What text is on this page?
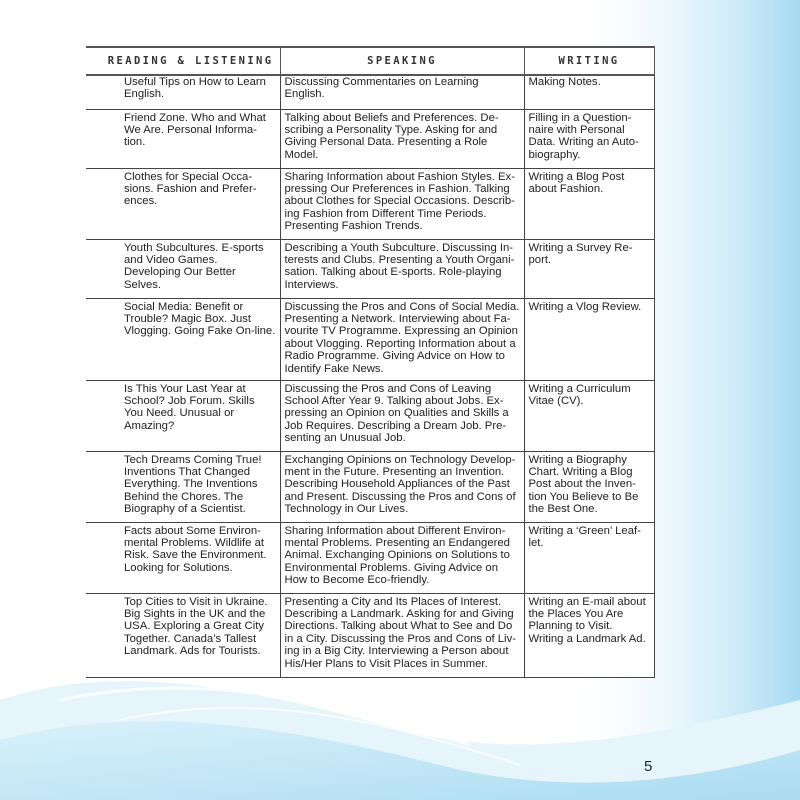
READING & LISTENING	SPEAKING	WRITING
Useful Tips on How to Learn English.	Discussing Commentaries on Learning English.	Making Notes.
Friend Zone. Who and What We Are. Personal Informa-tion.	Talking about Beliefs and Preferences. De-scribing a Personality Type. Asking for and Giving Personal Data. Presenting a Role Model.	Filling in a Question-naire with Personal Data. Writing an Auto-biography.
Clothes for Special Occa-sions. Fashion and Prefer-ences.	Sharing Information about Fashion Styles. Ex-pressing Our Preferences in Fashion. Talking about Clothes for Special Occasions. Describ-ing Fashion from Different Time Periods. Presenting Fashion Trends.	Writing a Blog Post about Fashion.
Youth Subcultures. E-sports and Video Games. Developing Our Better Selves.	Describing a Youth Subculture. Discussing In-terests and Clubs. Presenting a Youth Organi-sation. Talking about E-sports. Role-playing Interviews.	Writing a Survey Re-port.
Social Media: Benefit or Trouble? Magic Box. Just Vlogging. Going Fake On-line.	Discussing the Pros and Cons of Social Media. Presenting a Network. Interviewing about Fa-vourite TV Programme. Expressing an Opinion about Vlogging. Reporting Information about a Radio Programme. Giving Advice on How to Identify Fake News.	Writing a Vlog Review.
Is This Your Last Year at School? Job Forum. Skills You Need. Unusual or Amazing?	Discussing the Pros and Cons of Leaving School After Year 9. Talking about Jobs. Ex-pressing an Opinion on Qualities and Skills a Job Requires. Describing a Dream Job. Pre-senting an Unusual Job.	Writing a Curriculum Vitae (CV).
Tech Dreams Coming True! Inventions That Changed Everything. The Inventions Behind the Chores. The Biography of a Scientist.	Exchanging Opinions on Technology Develop-ment in the Future. Presenting an Invention. Describing Household Appliances of the Past and Present. Discussing the Pros and Cons of Technology in Our Lives.	Writing a Biography Chart. Writing a Blog Post about the Inven-tion You Believe to Be the Best One.
Facts about Some Environ-mental Problems. Wildlife at Risk. Save the Environment. Looking for Solutions.	Sharing Information about Different Environ-mental Problems. Presenting an Endangered Animal. Exchanging Opinions on Solutions to Environmental Problems. Giving Advice on How to Become Eco-friendly.	Writing a ‘Green’ Leaf-let.
Top Cities to Visit in Ukraine. Big Sights in the UK and the USA. Exploring a Great City Together. Canada’s Tallest Landmark. Ads for Tourists.	Presenting a City and Its Places of Interest. Describing a Landmark. Asking for and Giving Directions. Talking about What to See and Do in a City. Discussing the Pros and Cons of Liv-ing in a Big City. Interviewing a Person about His/Her Plans to Visit Places in Summer.	Writing an E-mail about the Places You Are Planning to Visit. Writing a Landmark Ad.
5
